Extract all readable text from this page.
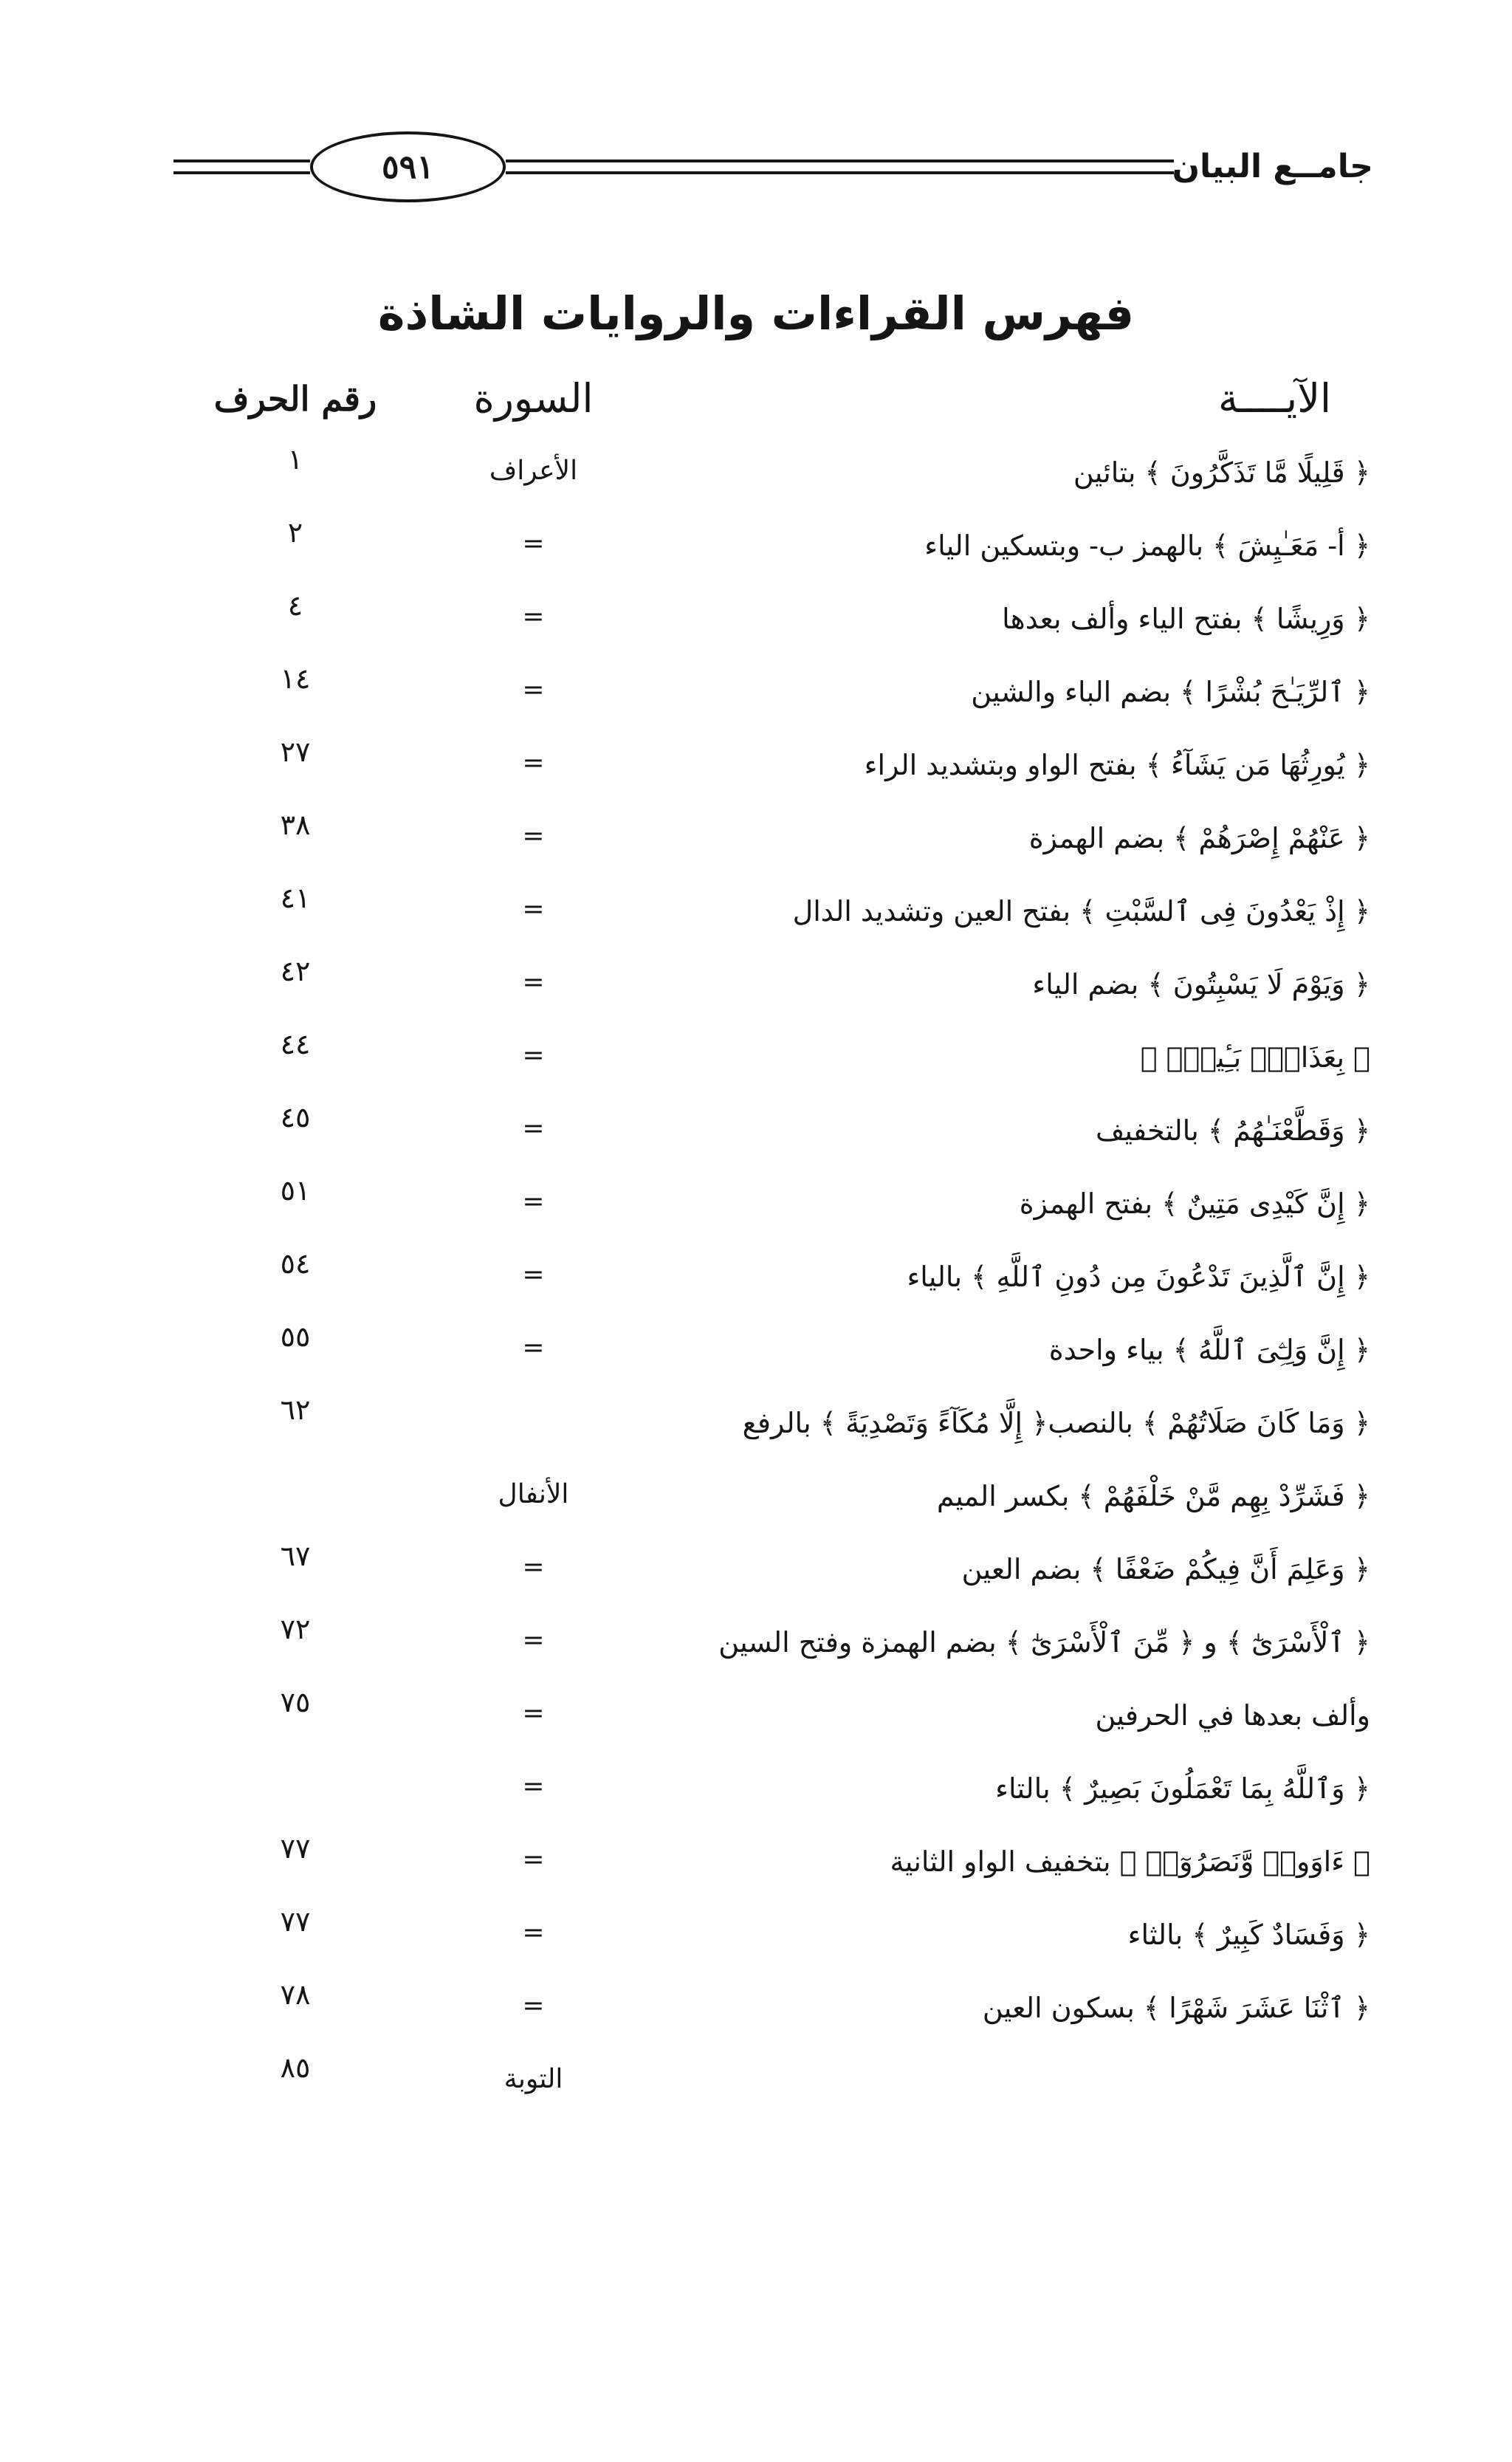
جامــع البيان
٥٩١
فهرس القراءات والروايات الشاذة
الآيــــة
السورة
رقم الحرف
﴿ قَلِيلًا مَّا تَذَكَّرُونَ ﴾ بتائين
الأعراف
١
﴿ أ- مَعَـٰيِشَ ﴾ بالهمز ب- وبتسكين الياء
=
٢
﴿ وَرِيشًا ﴾ بفتح الياء وألف بعدها
=
٤
﴿ ٱلرِّيَـٰحَ بُشْرًا ﴾ بضم الباء والشين
=
١٤
﴿ يُورِثُهَا مَن يَشَآءُ ﴾ بفتح الواو وبتشديد الراء
=
٢٧
﴿ عَنْهُمْ إِصْرَهُمْ ﴾ بضم الهمزة
=
٣٨
﴿ إِذْ يَعْدُونَ فِى ٱلسَّبْتِ ﴾ بفتح العين وتشديد الدال
=
٤١
﴿ وَيَوْمَ لَا يَسْبِتُونَ ﴾ بضم الياء
=
٤٢
﴿ بِعَذَابٍۭ بَـِٔيسٍۭ ﴾
=
٤٤
﴿ وَقَطَّعْنَـٰهُمُ ﴾ بالتخفيف
=
٤٥
﴿ إِنَّ كَيْدِى مَتِينٌ ﴾ بفتح الهمزة
=
٥١
﴿ إِنَّ ٱلَّذِينَ تَدْعُونَ مِن دُونِ ٱللَّهِ ﴾ بالياء
=
٥٤
﴿ إِنَّ وَلِـِّۧىَ ٱللَّهُ ﴾ بياء واحدة
=
٥٥
﴿ وَمَا كَانَ صَلَاتُهُمْ ﴾ بالنصب﴿ إِلَّا مُكَآءً وَتَصْدِيَةً ﴾ بالرفع
٦٢
﴿ فَشَرِّدْ بِهِم مَّنْ خَلْفَهُمْ ﴾ بكسر الميم
الأنفال
﴿ وَعَلِمَ أَنَّ فِيكُمْ ضَعْفًا ﴾ بضم العين
=
٦٧
﴿ ٱلْأَسْرَىٰٓ ﴾ و ﴿ مِّنَ ٱلْأَسْرَىٰٓ ﴾ بضم الهمزة وفتح السين
=
٧٢
وألف بعدها في الحرفين
=
٧٥
﴿ وَٱللَّهُ بِمَا تَعْمَلُونَ بَصِيرٌ ﴾ بالتاء
=
﴿ ءَاوَوا۟ وَّنَصَرُوٓا۟ ﴾ بتخفيف الواو الثانية
=
٧٧
﴿ وَفَسَادٌ كَبِيرٌ ﴾ بالثاء
=
٧٧
﴿ ٱثْنَا عَشَرَ شَهْرًا ﴾ بسكون العين
=
٧٨
التوبة
٨٥
